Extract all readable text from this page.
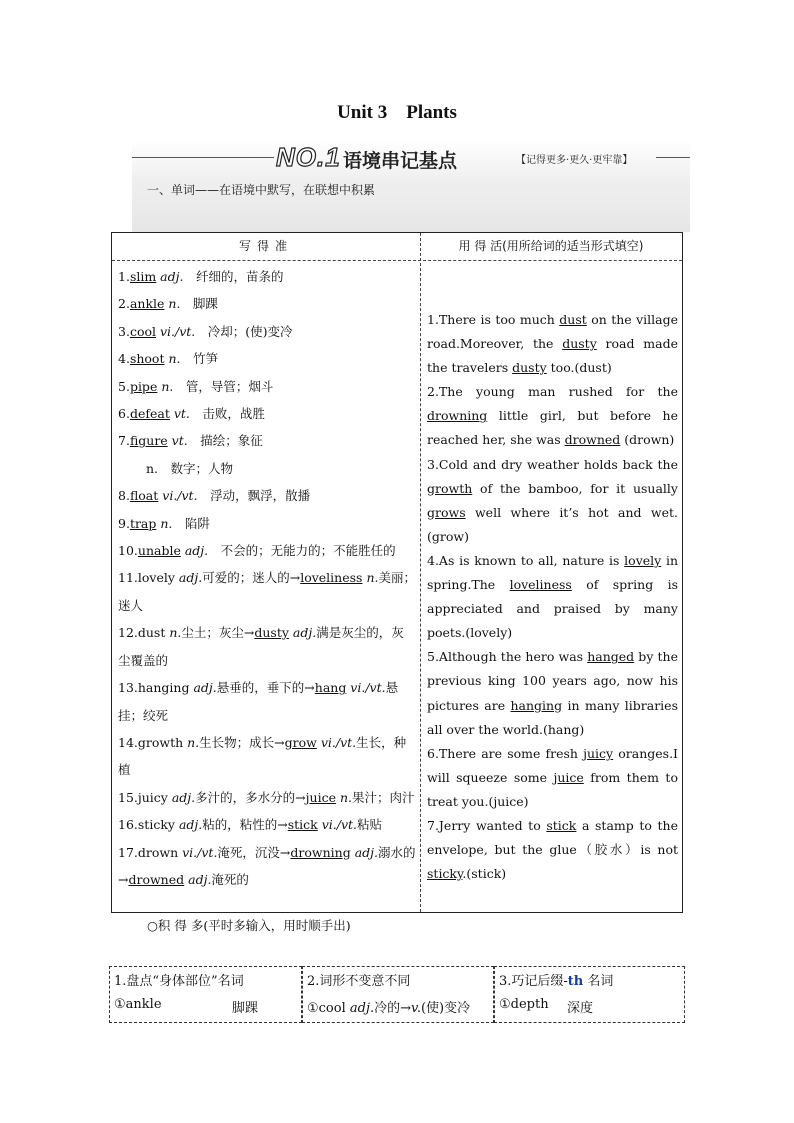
Unit 3　Plants
NO.1 语境串记基点	【记得更多·更久·更牢靠】
一、单词——在语境中默写，在联想中积累
写得准	用 得 活(用所给词的适当形式填空)
1.slim adj.　纤细的，苗条的
2.ankle n.　脚踝
3.cool vi./vt.　冷却；(使)变冷
4.shoot n.　竹笋
5.pipe n.　管，导管；烟斗
6.defeat vt.　击败，战胜
7.figure vt.　描绘；象征
n.　数字；人物
8.float vi./vt.　浮动，飘浮，散播
9.trap n.　陷阱
10.unable adj.　不会的；无能力的；不能胜任的
11.lovely adj.可爱的；迷人的→loveliness n.美丽；迷人
12.dust n.尘土；灰尘→dusty adj.满是灰尘的，灰尘覆盖的
13.hanging adj.悬垂的，垂下的→hang vi./vt.悬挂；绞死
14.growth n.生长物；成长→grow vi./vt.生长，种植
15.juicy adj.多汁的，多水分的→juice n.果汁；肉汁
16.sticky adj.粘的，粘性的→stick vi./vt.粘贴
17.drown vi./vt.淹死，沉没→drowning adj.溺水的→drowned adj.淹死的

1.There is too much dust on the village road.Moreover, the dusty road made the travelers dusty too.(dust)

2.The young man rushed for the drowning little girl, but before he reached her, she was drowned (drown)

3.Cold and dry weather holds back the growth of the bamboo, for it usually grows well where it’s hot and wet.(grow)

4.As is known to all, nature is lovely in spring.The loveliness of spring is appreciated and praised by many poets.(lovely)

5.Although the hero was hanged by the previous king 100 years ago, now his pictures are hanging in many libraries all over the world.(hang)

6.There are some fresh juicy oranges.I will squeeze some juice from them to treat you.(juice)

7.Jerry wanted to stick a stamp to the envelope, but the glue（胶水）is not sticky.(stick)

○积 得 多(平时多输入，用时顺手出)
1.盘点“身体部位”名词
①ankle	脚踝
2.词形不变意不同
①cool adj.冷的→v.(使)变冷
3.巧记后缀-th 名词
①depth 深度
